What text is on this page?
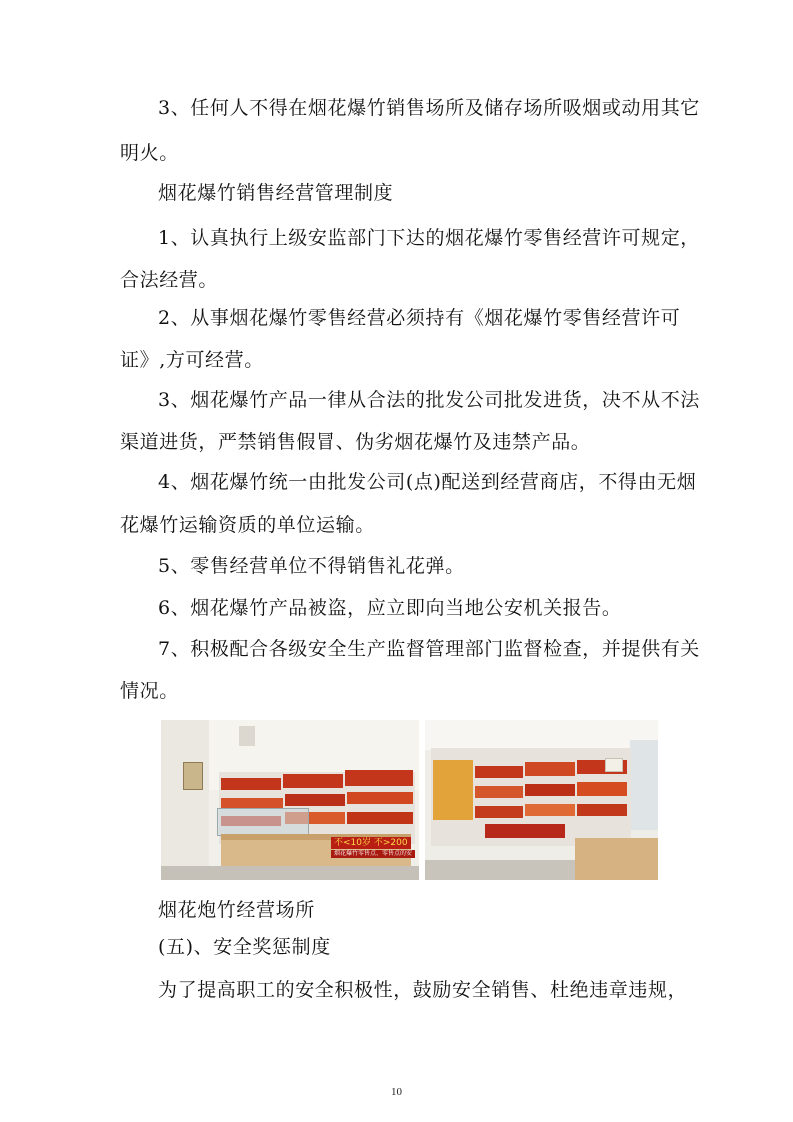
3、任何人不得在烟花爆竹销售场所及储存场所吸烟或动用其它
明火。
烟花爆竹销售经营管理制度
1、认真执行上级安监部门下达的烟花爆竹零售经营许可规定，
合法经营。
2、从事烟花爆竹零售经营必须持有《烟花爆竹零售经营许可
证》,方可经营。
3、烟花爆竹产品一律从合法的批发公司批发进货，决不从不法
渠道进货，严禁销售假冒、伪劣烟花爆竹及违禁产品。
4、烟花爆竹统一由批发公司(点)配送到经营商店，不得由无烟
花爆竹运输资质的单位运输。
5、零售经营单位不得销售礼花弹。
6、烟花爆竹产品被盗，应立即向当地公安机关报告。
7、积极配合各级安全生产监督管理部门监督检查，并提供有关
情况。
不<10岁 不>200
烟花爆竹零售点、零售点的安
烟花炮竹经营场所
(五)、安全奖惩制度
为了提高职工的安全积极性，鼓励安全销售、杜绝违章违规，
10
